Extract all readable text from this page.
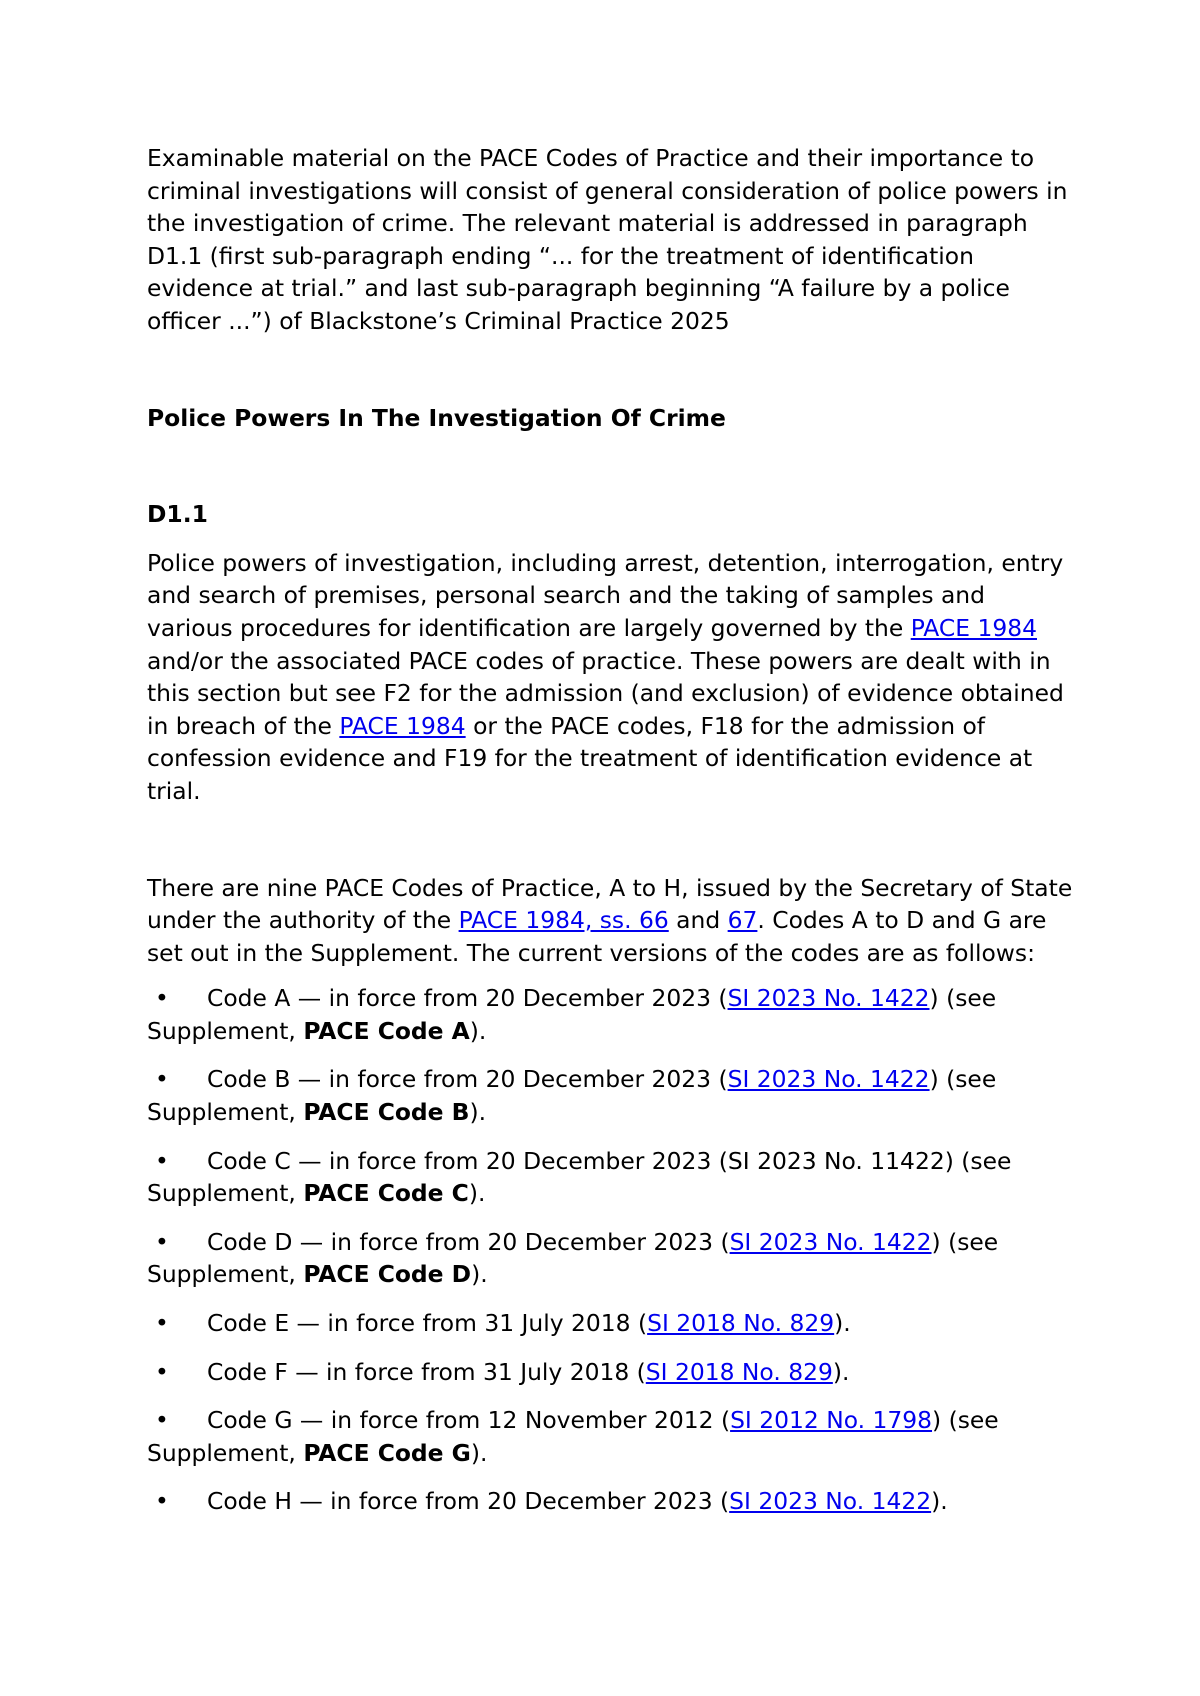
Examinable material on the PACE Codes of Practice and their importance to criminal investigations will consist of general consideration of police powers in the investigation of crime. The relevant material is addressed in paragraph D1.1 (first sub-paragraph ending “... for the treatment of identification evidence at trial.” and last sub-paragraph beginning “A failure by a police officer ...”) of Blackstone’s Criminal Practice 2025

Police Powers In The Investigation Of Crime

D1.1

Police powers of investigation, including arrest, detention, interrogation, entry and search of premises, personal search and the taking of samples and various procedures for identification are largely governed by the PACE 1984 and/or the associated PACE codes of practice. These powers are dealt with in this section but see F2 for the admission (and exclusion) of evidence obtained in breach of the PACE 1984 or the PACE codes, F18 for the admission of confession evidence and F19 for the treatment of identification evidence at trial.

There are nine PACE Codes of Practice, A to H, issued by the Secretary of State under the authority of the PACE 1984, ss. 66 and 67. Codes A to D and G are set out in the Supplement. The current versions of the codes are as follows:

• Code A — in force from 20 December 2023 (SI 2023 No. 1422) (see Supplement, PACE Code A).
• Code B — in force from 20 December 2023 (SI 2023 No. 1422) (see Supplement, PACE Code B).
• Code C — in force from 20 December 2023 (SI 2023 No. 11422) (see Supplement, PACE Code C).
• Code D — in force from 20 December 2023 (SI 2023 No. 1422) (see Supplement, PACE Code D).
• Code E — in force from 31 July 2018 (SI 2018 No. 829).
• Code F — in force from 31 July 2018 (SI 2018 No. 829).
• Code G — in force from 12 November 2012 (SI 2012 No. 1798) (see Supplement, PACE Code G).
• Code H — in force from 20 December 2023 (SI 2023 No. 1422).
